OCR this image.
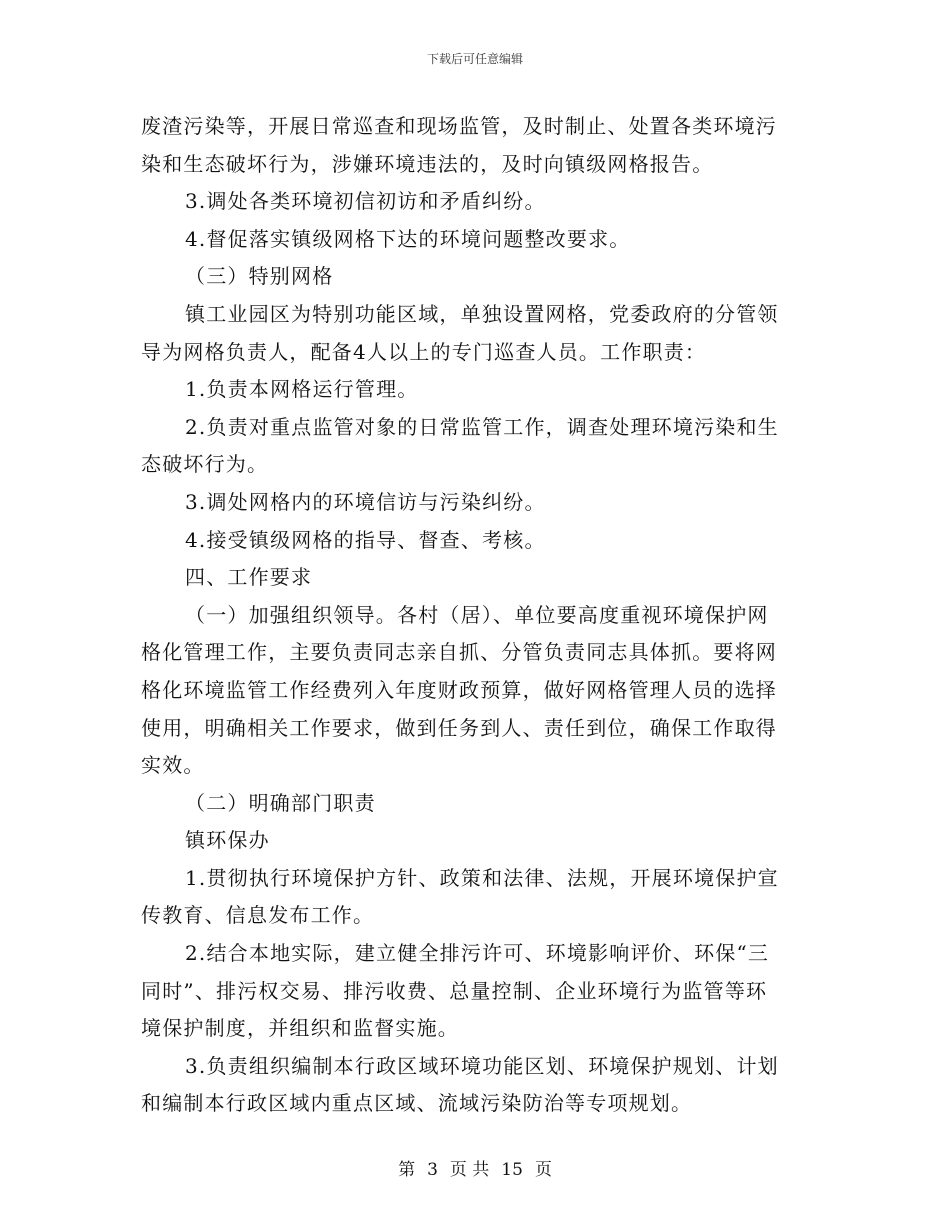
下载后可任意编辑
废渣污染等，开展日常巡查和现场监管，及时制止、处置各类环境污
染和生态破坏行为，涉嫌环境违法的，及时向镇级网格报告。
3.调处各类环境初信初访和矛盾纠纷。
4.督促落实镇级网格下达的环境问题整改要求。
（三）特别网格
镇工业园区为特别功能区域，单独设置网格，党委政府的分管领
导为网格负责人，配备4人以上的专门巡查人员。工作职责：
1.负责本网格运行管理。
2.负责对重点监管对象的日常监管工作，调查处理环境污染和生
态破坏行为。
3.调处网格内的环境信访与污染纠纷。
4.接受镇级网格的指导、督查、考核。
四、工作要求
（一）加强组织领导。各村（居）、单位要高度重视环境保护网
格化管理工作，主要负责同志亲自抓、分管负责同志具体抓。要将网
格化环境监管工作经费列入年度财政预算，做好网格管理人员的选择
使用，明确相关工作要求，做到任务到人、责任到位，确保工作取得
实效。
（二）明确部门职责
镇环保办
1.贯彻执行环境保护方针、政策和法律、法规，开展环境保护宣
传教育、信息发布工作。
2.结合本地实际，建立健全排污许可、环境影响评价、环保“三
同时”、排污权交易、排污收费、总量控制、企业环境行为监管等环
境保护制度，并组织和监督实施。
3.负责组织编制本行政区域环境功能区划、环境保护规划、计划
和编制本行政区域内重点区域、流域污染防治等专项规划。
第 3 页 共 15 页
